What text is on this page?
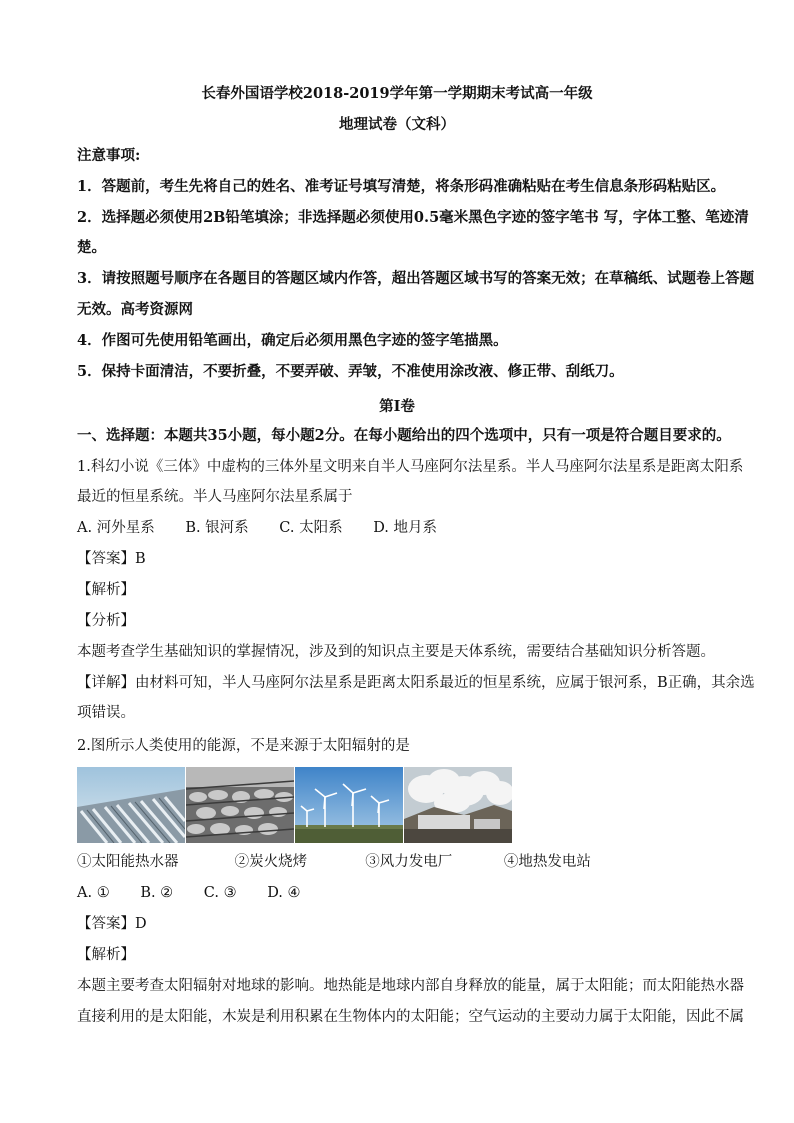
长春外国语学校2018-2019学年第一学期期末考试高一年级
地理试卷（文科）
注意事项:
1．答题前，考生先将自己的姓名、准考证号填写清楚，将条形码准确粘贴在考生信息条形码粘贴区。
2．选择题必须使用2B铅笔填涂；非选择题必须使用0.5毫米黑色字迹的签字笔书 写，字体工整、笔迹清
楚。
3．请按照题号顺序在各题目的答题区域内作答，超出答题区域书写的答案无效；在草稿纸、试题卷上答题
无效。高考资源网
4．作图可先使用铅笔画出，确定后必须用黑色字迹的签字笔描黑。
5．保持卡面清洁，不要折叠，不要弄破、弄皱，不准使用涂改液、修正带、刮纸刀。
第Ⅰ卷
一、选择题：本题共35小题，每小题2分。在每小题给出的四个选项中，只有一项是符合题目要求的。
1.科幻小说《三体》中虚构的三体外星文明来自半人马座阿尔法星系。半人马座阿尔法星系是距离太阳系
最近的恒星系统。半人马座阿尔法星系属于
A. 河外星系 B. 银河系 C. 太阳系 D. 地月系
【答案】B
【解析】
【分析】
本题考查学生基础知识的掌握情况，涉及到的知识点主要是天体系统，需要结合基础知识分析答题。
【详解】由材料可知，半人马座阿尔法星系是距离太阳系最近的恒星系统，应属于银河系，B正确，其余选
项错误。
2.图所示人类使用的能源，不是来源于太阳辐射的是
①太阳能热水器	②炭火烧烤	③风力发电厂	④地热发电站
A. ① B. ② C. ③ D. ④
【答案】D
【解析】
本题主要考查太阳辐射对地球的影响。地热能是地球内部自身释放的能量，属于太阳能；而太阳能热水器
直接利用的是太阳能，木炭是利用积累在生物体内的太阳能；空气运动的主要动力属于太阳能，因此不属
